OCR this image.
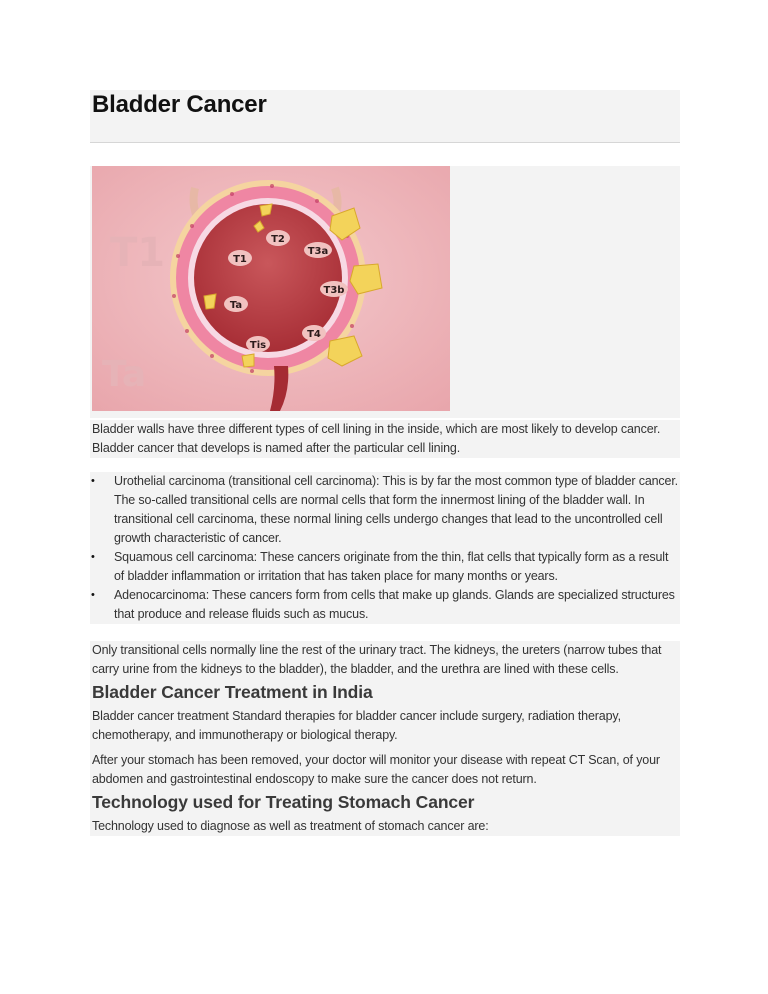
Bladder Cancer
T1
Ta
T1
T2
T3a
T3b
Ta
T4
Tis

Bladder walls have three different types of cell lining in the inside, which are most likely to develop cancer. Bladder cancer that develops is named after the particular cell lining.

• Urothelial carcinoma (transitional cell carcinoma): This is by far the most common type of bladder cancer. The so-called transitional cells are normal cells that form the innermost lining of the bladder wall. In transitional cell carcinoma, these normal lining cells undergo changes that lead to the uncontrolled cell growth characteristic of cancer.
• Squamous cell carcinoma: These cancers originate from the thin, flat cells that typically form as a result of bladder inflammation or irritation that has taken place for many months or years.
• Adenocarcinoma: These cancers form from cells that make up glands. Glands are specialized structures that produce and release fluids such as mucus.

Only transitional cells normally line the rest of the urinary tract. The kidneys, the ureters (narrow tubes that carry urine from the kidneys to the bladder), the bladder, and the urethra are lined with these cells.

Bladder Cancer Treatment in India

Bladder cancer treatment Standard therapies for bladder cancer include surgery, radiation therapy, chemotherapy, and immunotherapy or biological therapy.

After your stomach has been removed, your doctor will monitor your disease with repeat CT Scan, of your abdomen and gastrointestinal endoscopy to make sure the cancer does not return.

Technology used for Treating Stomach Cancer

Technology used to diagnose as well as treatment of stomach cancer are:
